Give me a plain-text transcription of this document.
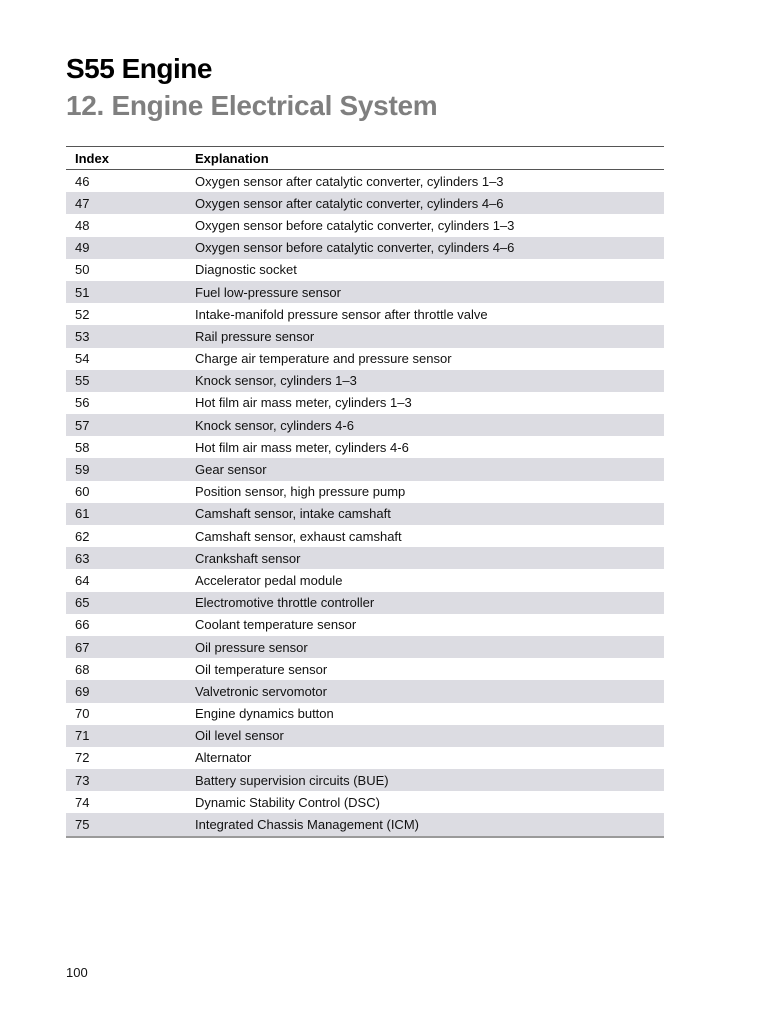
S55 Engine
12. Engine Electrical System
Index	Explanation
46	Oxygen sensor after catalytic converter, cylinders 1–3
47	Oxygen sensor after catalytic converter, cylinders 4–6
48	Oxygen sensor before catalytic converter, cylinders 1–3
49	Oxygen sensor before catalytic converter, cylinders 4–6
50	Diagnostic socket
51	Fuel low-pressure sensor
52	Intake-manifold pressure sensor after throttle valve
53	Rail pressure sensor
54	Charge air temperature and pressure sensor
55	Knock sensor, cylinders 1–3
56	Hot film air mass meter, cylinders 1–3
57	Knock sensor, cylinders 4-6
58	Hot film air mass meter, cylinders 4-6
59	Gear sensor
60	Position sensor, high pressure pump
61	Camshaft sensor, intake camshaft
62	Camshaft sensor, exhaust camshaft
63	Crankshaft sensor
64	Accelerator pedal module
65	Electromotive throttle controller
66	Coolant temperature sensor
67	Oil pressure sensor
68	Oil temperature sensor
69	Valvetronic servomotor
70	Engine dynamics button
71	Oil level sensor
72	Alternator
73	Battery supervision circuits (BUE)
74	Dynamic Stability Control (DSC)
75	Integrated Chassis Management (ICM)
100
